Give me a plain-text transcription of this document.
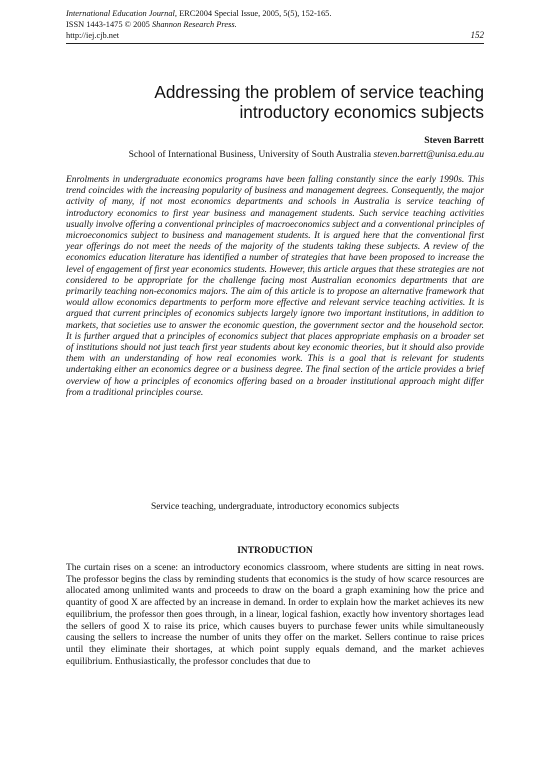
International Education Journal, ERC2004 Special Issue, 2005, 5(5), 152-165.
ISSN 1443-1475 © 2005 Shannon Research Press.
http://iej.cjb.net	152
Addressing the problem of service teaching introductory economics subjects
Steven Barrett
School of International Business, University of South Australia steven.barrett@unisa.edu.au

Enrolments in undergraduate economics programs have been falling constantly since the early 1990s. This trend coincides with the increasing popularity of business and management degrees. Consequently, the major activity of many, if not most economics departments and schools in Australia is service teaching of introductory economics to first year business and management students. Such service teaching activities usually involve offering a conventional principles of macroeconomics subject and a conventional principles of microeconomics subject to business and management students. It is argued here that the conventional first year offerings do not meet the needs of the majority of the students taking these subjects. A review of the economics education literature has identified a number of strategies that have been proposed to increase the level of engagement of first year economics students. However, this article argues that these strategies are not considered to be appropriate for the challenge facing most Australian economics departments that are primarily teaching non-economics majors. The aim of this article is to propose an alternative framework that would allow economics departments to perform more effective and relevant service teaching activities. It is argued that current principles of economics subjects largely ignore two important institutions, in addition to markets, that societies use to answer the economic question, the government sector and the household sector. It is further argued that a principles of economics subject that places appropriate emphasis on a broader set of institutions should not just teach first year students about key economic theories, but it should also provide them with an understanding of how real economies work. This is a goal that is relevant for students undertaking either an economics degree or a business degree. The final section of the article provides a brief overview of how a principles of economics offering based on a broader institutional approach might differ from a traditional principles course.

Service teaching, undergraduate, introductory economics subjects

INTRODUCTION

The curtain rises on a scene: an introductory economics classroom, where students are sitting in neat rows. The professor begins the class by reminding students that economics is the study of how scarce resources are allocated among unlimited wants and proceeds to draw on the board a graph examining how the price and quantity of good X are affected by an increase in demand. In order to explain how the market achieves its new equilibrium, the professor then goes through, in a linear, logical fashion, exactly how inventory shortages lead the sellers of good X to raise its price, which causes buyers to purchase fewer units while simultaneously causing the sellers to increase the number of units they offer on the market. Sellers continue to raise prices until they eliminate their shortages, at which point supply equals demand, and the market achieves equilibrium. Enthusiastically, the professor concludes that due to
